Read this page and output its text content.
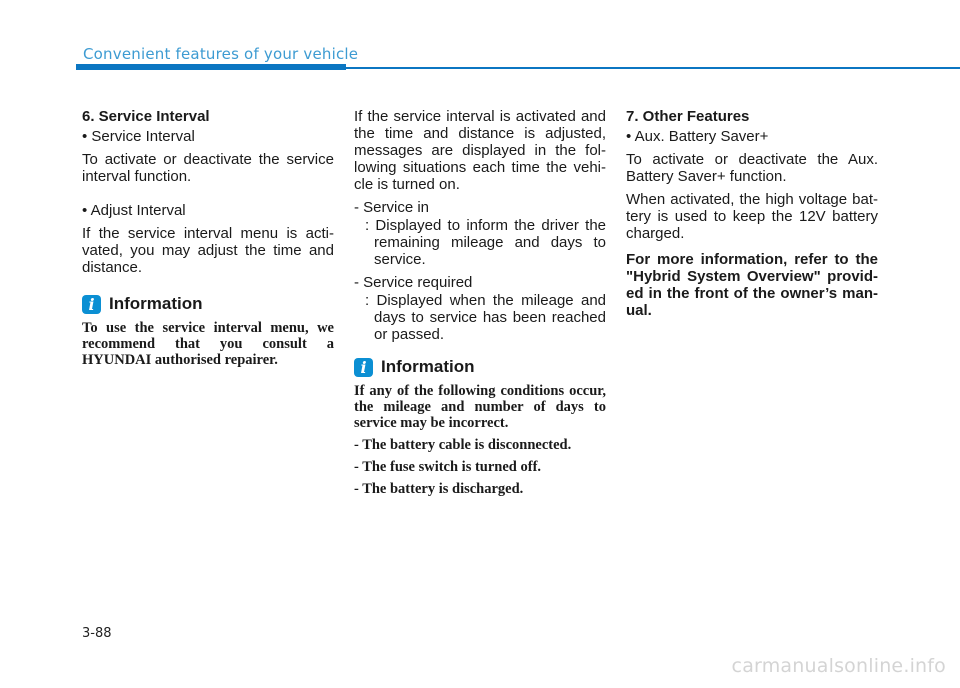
Convenient features of your vehicle
6. Service Interval
• Service Interval
To activate or deactivate the service interval function.
• Adjust Interval
If the service interval menu is acti-vated, you may adjust the time and distance.
i Information
To use the service interval menu, we recommend that you consult a HYUNDAI authorised repairer.
If the service interval is activated and the time and distance is adjusted, messages are displayed in the fol-lowing situations each time the vehi-cle is turned on.
- Service in
: Displayed to inform the driver the remaining mileage and days to service.
- Service required
: Displayed when the mileage and days to service has been reached or passed.
i Information
If any of the following conditions occur, the mileage and number of days to service may be incorrect.
- The battery cable is disconnected.
- The fuse switch is turned off.
- The battery is discharged.
7. Other Features
• Aux. Battery Saver+
To activate or deactivate the Aux. Battery Saver+ function.
When activated, the high voltage bat-tery is used to keep the 12V battery charged.
For more information, refer to the "Hybrid System Overview" provid-ed in the front of the owner’s man-ual.
3-88
carmanualsonline.info
